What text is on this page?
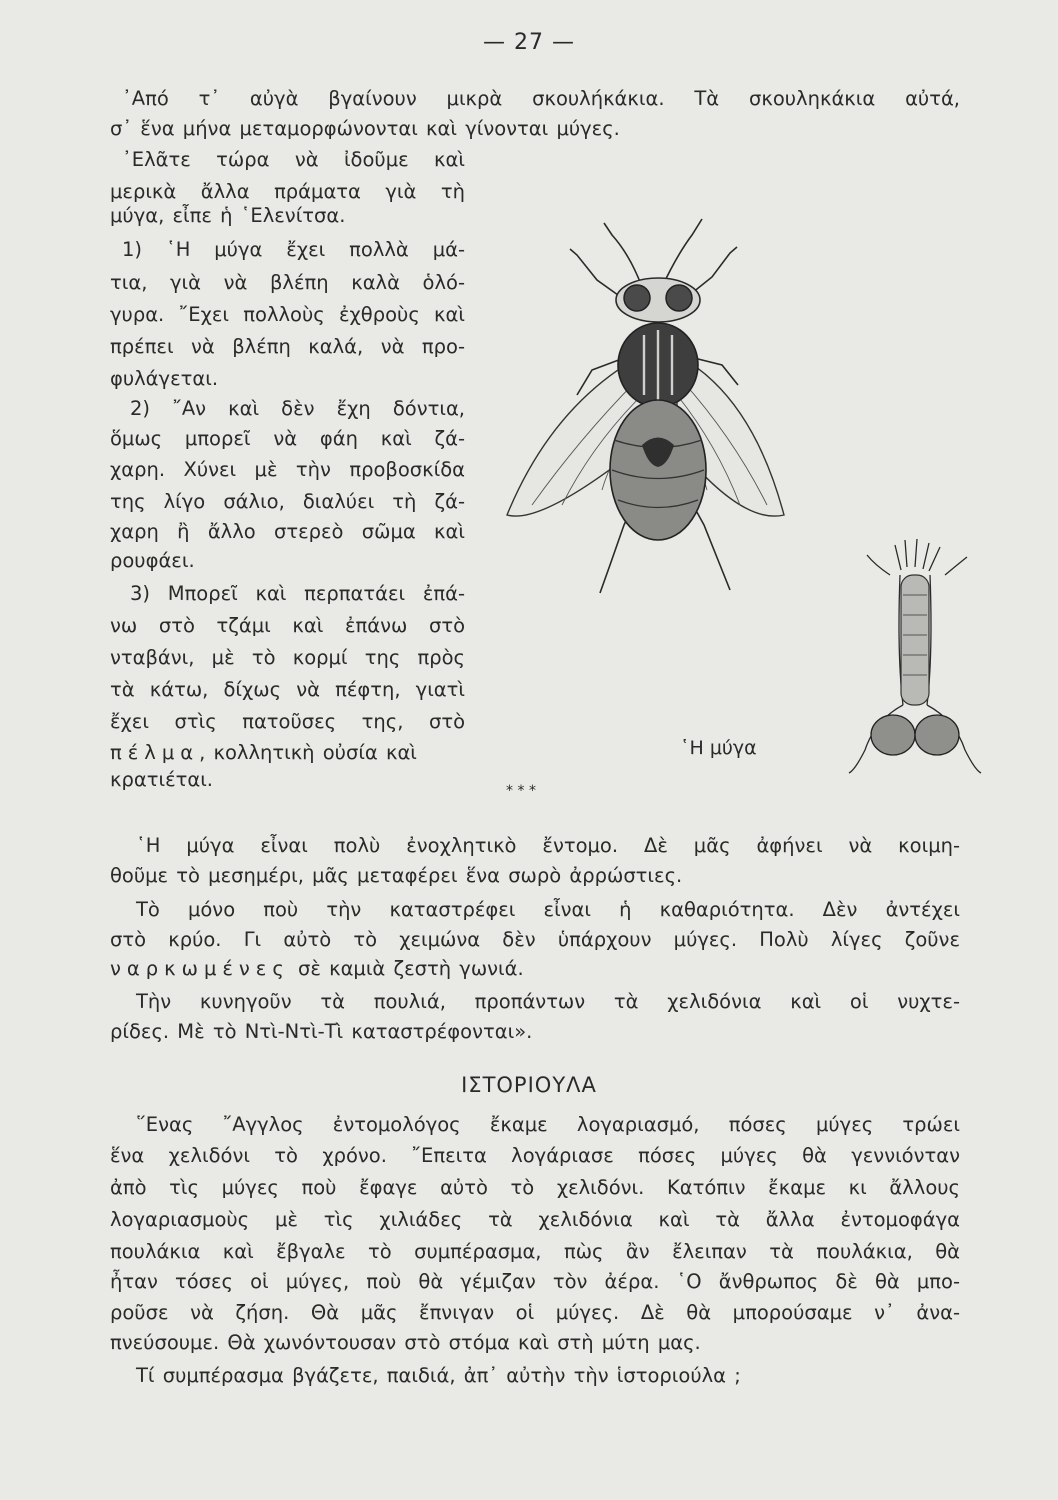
— 27 —
᾿Από τ᾿ αὐγὰ βγαίνουν μικρὰ σκουλήκάκια. Τὰ σκουληκάκια αὐτά,
σ᾿ ἕνα μήνα μεταμορφώνονται καὶ γίνονται μύγες.
᾿Ελᾶτε τώρα νὰ ἰδοῦμε καὶ
μερικὰ ἄλλα πράματα γιὰ τὴ
μύγα, εἶπε ἡ ῾Ελενίτσα.
1) ῾Η μύγα ἔχει πολλὰ μά-
τια, γιὰ νὰ βλέπη καλὰ ὁλό-
γυρα. ῎Εχει πολλοὺς ἐχθροὺς καὶ
πρέπει νὰ βλέπη καλά, νὰ προ-
φυλάγεται.
2) ῎Αν καὶ δὲν ἔχη δόντια,
ὅμως μπορεῖ νὰ φάη καὶ ζά-
χαρη. Χύνει μὲ τὴν προβοσκίδα
της λίγο σάλιο, διαλύει τὴ ζά-
χαρη ἢ ἄλλο στερεὸ σῶμα καὶ
ρουφάει.
3) Μπορεῖ καὶ περπατάει ἐπά-
νω στὸ τζάμι καὶ ἐπάνω στὸ
νταβάνι, μὲ τὸ κορμί της πρὸς
τὰ κάτω, δίχως νὰ πέφτη, γιατὶ
ἔχει στὶς πατοῦσες της, στὸ
πέλμα, κολλητικὴ οὐσία καὶ
κρατιέται.
῾Η μύγα
* * *
῾Η μύγα εἶναι πολὺ ἐνοχλητικὸ ἔντομο. Δὲ μᾶς ἀφήνει νὰ κοιμη-
θοῦμε τὸ μεσημέρι, μᾶς μεταφέρει ἕνα σωρὸ ἀρρώστιες.
Τὸ μόνο ποὺ τὴν καταστρέφει εἶναι ἡ καθαριότητα. Δὲν ἀντέχει
στὸ κρύο. Γι αὐτὸ τὸ χειμώνα δὲν ὑπάρχουν μύγες. Πολὺ λίγες ζοῦνε
ναρκωμένες σὲ καμιὰ ζεστὴ γωνιά.
Τὴν κυνηγοῦν τὰ πουλιά, προπάντων τὰ χελιδόνια καὶ οἱ νυχτε-
ρίδες. Μὲ τὸ Ντὶ-Ντὶ-Τὶ καταστρέφονται».
ΙΣΤΟΡΙΟΥΛΑ
῞Ενας ῎Αγγλος ἐντομολόγος ἔκαμε λογαριασμό, πόσες μύγες τρώει
ἕνα χελιδόνι τὸ χρόνο. ῎Επειτα λογάριασε πόσες μύγες θὰ γεννιόνταν
ἀπὸ τὶς μύγες ποὺ ἔφαγε αὐτὸ τὸ χελιδόνι. Κατόπιν ἔκαμε κι ἄλλους
λογαριασμοὺς μὲ τὶς χιλιάδες τὰ χελιδόνια καὶ τὰ ἄλλα ἐντομοφάγα
πουλάκια καὶ ἔβγαλε τὸ συμπέρασμα, πὼς ἂν ἔλειπαν τὰ πουλάκια, θὰ
ἦταν τόσες οἱ μύγες, ποὺ θὰ γέμιζαν τὸν ἀέρα. ῾Ο ἄνθρωπος δὲ θὰ μπο-
ροῦσε νὰ ζήση. Θὰ μᾶς ἔπνιγαν οἱ μύγες. Δὲ θὰ μπορούσαμε ν᾿ ἀνα-
πνεύσουμε. Θὰ χωνόντουσαν στὸ στόμα καὶ στὴ μύτη μας.
Τί συμπέρασμα βγάζετε, παιδιά, ἀπ᾿ αὐτὴν τὴν ἱστοριούλα ;
